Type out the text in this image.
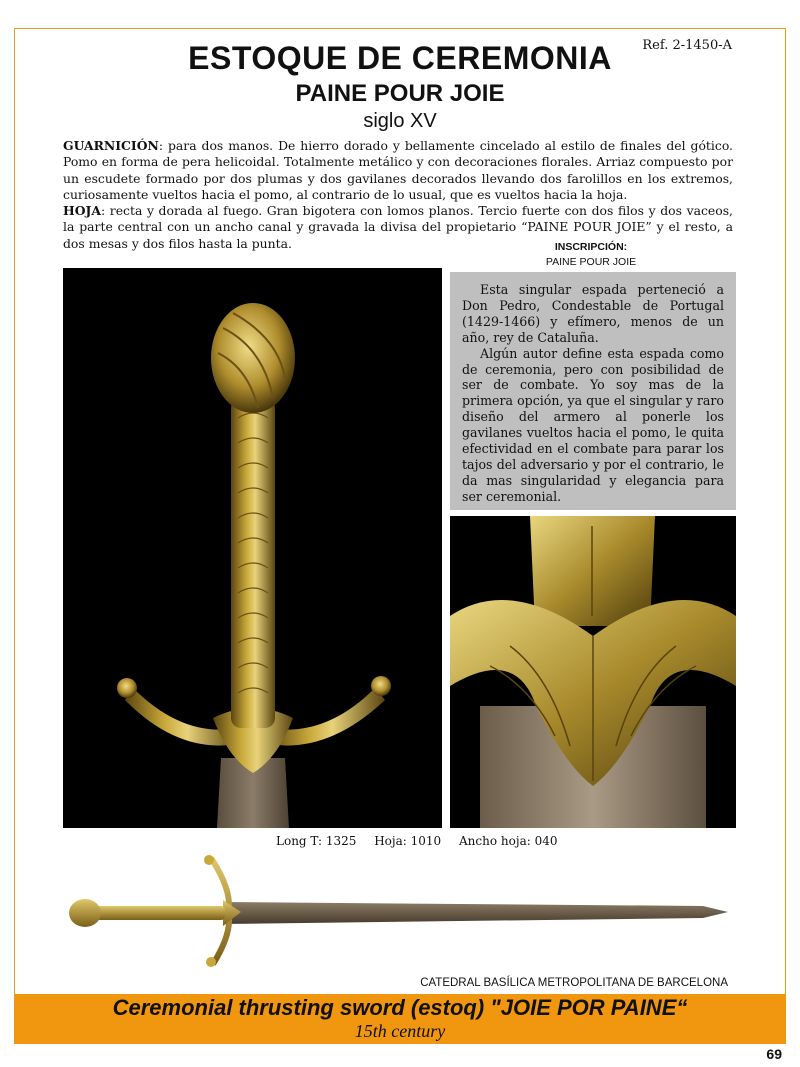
Ref. 2-1450-A
ESTOQUE DE CEREMONIA
PAINE POUR JOIE
siglo XV

GUARNICIÓN: para dos manos. De hierro dorado y bellamente cincelado al estilo de finales del gótico. Pomo en forma de pera helicoidal. Totalmente metálico y con decoraciones florales. Arriaz compuesto por un escudete formado por dos plumas y dos gavilanes decorados llevando dos farolillos en los extremos, curiosamente vueltos hacia el pomo, al contrario de lo usual, que es vueltos hacia la hoja.

HOJA: recta y dorada al fuego. Gran bigotera con lomos planos. Tercio fuerte con dos filos y dos vaceos, la parte central con un ancho canal y gravada la divisa del propietario “PAINE POUR JOIE” y el resto, a dos mesas y dos filos hasta la punta.	INSCRIPCIÓN:
PAINE POUR JOIE

Esta singular espada perteneció a Don Pedro, Condestable de Portugal (1429-1466) y efímero, menos de un año, rey de Cataluña.

Algún autor define esta espada como de ceremonia, pero con posibilidad de ser de combate. Yo soy mas de la primera opción, ya que el singular y raro diseño del armero al ponerle los gavilanes vueltos hacia el pomo, le quita efectividad en el combate para parar los tajos del adversario y por el contrario, le da mas singularidad y elegancia para ser ceremonial.

Long T: 1325 Hoja: 1010 Ancho hoja: 040
CATEDRAL BASÍLICA METROPOLITANA DE BARCELONA
Ceremonial thrusting sword (estoq) "JOIE POR PAINE“
15th century
69
